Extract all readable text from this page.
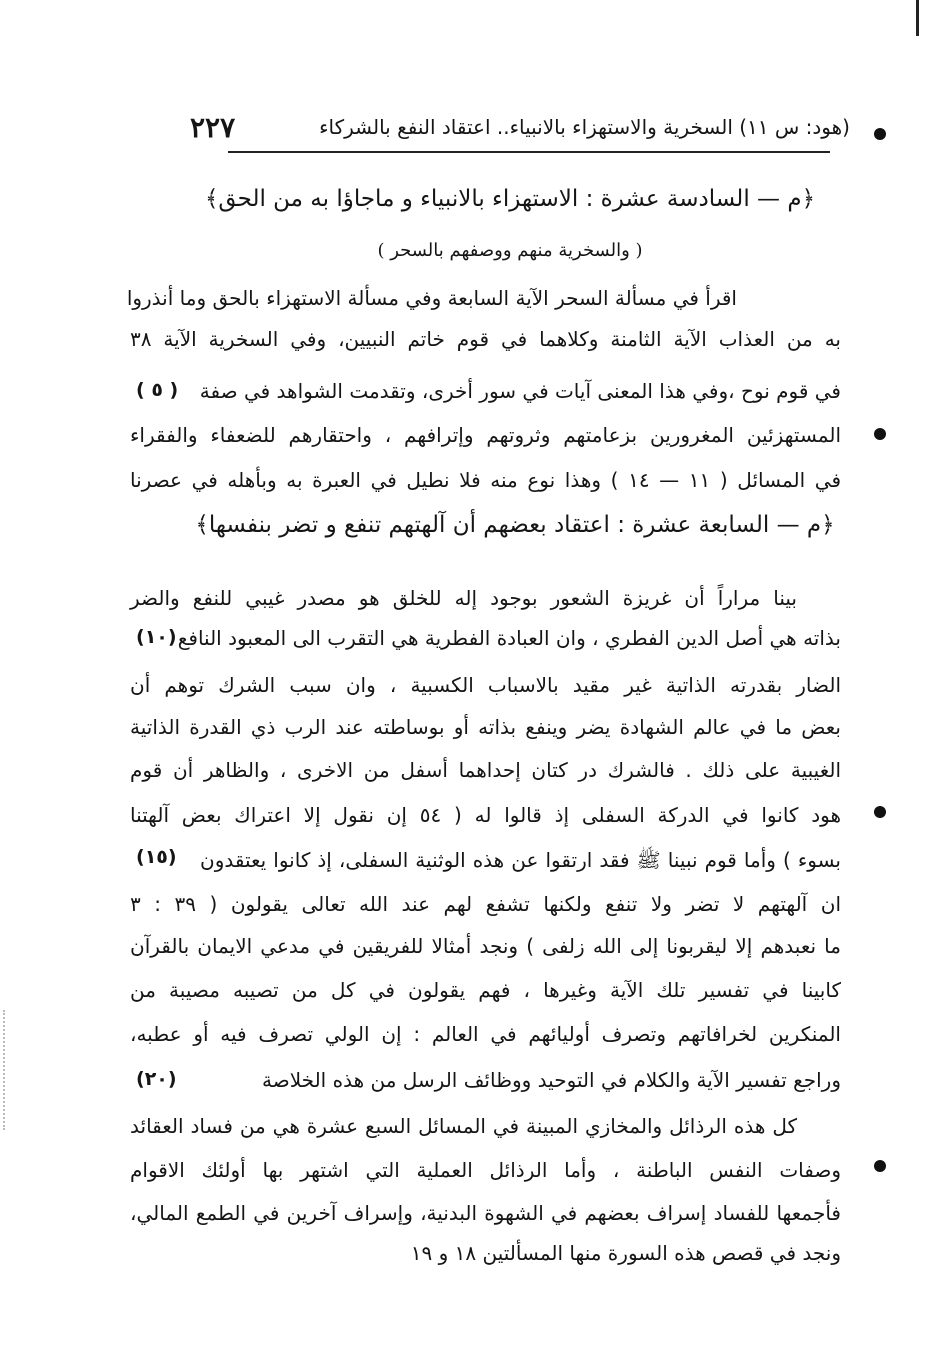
(هود: س ١١) السخرية والاستهزاء بالانبياء.. اعتقاد النفع بالشركاء
٢٢٧
﴿م — السادسة عشرة : الاستهزاء بالانبياء و ماجاؤا به من الحق﴾
( والسخرية منهم ووصفهم بالسحر )
اقرأ في مسألة السحر الآية السابعة وفي مسألة الاستهزاء بالحق وما أنذروا
به من العذاب الآية الثامنة وكلاهما في قوم خاتم النبيين، وفي السخرية الآية ٣٨
في قوم نوح ،وفي هذا المعنى آيات في سور أخرى، وتقدمت الشواهد في صفة
المستهزئين المغرورين بزعامتهم وثروتهم وإترافهم ، واحتقارهم للضعفاء والفقراء
في المسائل ( ١١ — ١٤ ) وهذا نوع منه فلا نطيل في العبرة به وبأهله في عصرنا
﴿م — السابعة عشرة : اعتقاد بعضهم أن آلهتهم تنفع و تضر بنفسها﴾
بينا مراراً أن غريزة الشعور بوجود إله للخلق هو مصدر غيبي للنفع والضر
بذاته هي أصل الدين الفطري ، وان العبادة الفطرية هي التقرب الى المعبود النافع
الضار بقدرته الذاتية غير مقيد بالاسباب الكسبية ، وان سبب الشرك توهم أن
بعض ما في عالم الشهادة يضر وينفع بذاته أو بوساطته عند الرب ذي القدرة الذاتية
الغيبية على ذلك . فالشرك در كتان إحداهما أسفل من الاخرى ، والظاهر أن قوم
هود كانوا في الدركة السفلى إذ قالوا له ( ٥٤ إن نقول إلا اعتراك بعض آلهتنا
بسوء ) وأما قوم نبينا ﷺ فقد ارتقوا عن هذه الوثنية السفلى، إذ كانوا يعتقدون
ان آلهتهم لا تضر ولا تنفع ولكنها تشفع لهم عند الله تعالى يقولون ( ٣٩ : ٣
ما نعبدهم إلا ليقربونا إلى الله زلفى ) ونجد أمثالا للفريقين في مدعي الايمان بالقرآن
كابينا في تفسير تلك الآية وغيرها ، فهم يقولون في كل من تصيبه مصيبة من
المنكرين لخرافاتهم وتصرف أوليائهم في العالم : إن الولي تصرف فيه أو عطبه،
وراجع تفسير الآية والكلام في التوحيد ووظائف الرسل من هذه الخلاصة
كل هذه الرذائل والمخازي المبينة في المسائل السبع عشرة هي من فساد العقائد
وصفات النفس الباطنة ، وأما الرذائل العملية التي اشتهر بها أولئك الاقوام
فأجمعها للفساد إسراف بعضهم في الشهوة البدنية، وإسراف آخرين في الطمع المالي،
ونجد في قصص هذه السورة منها المسألتين ١٨ و ١٩
( ٥ )
(١٠)
(١٥)
(٢٠)
